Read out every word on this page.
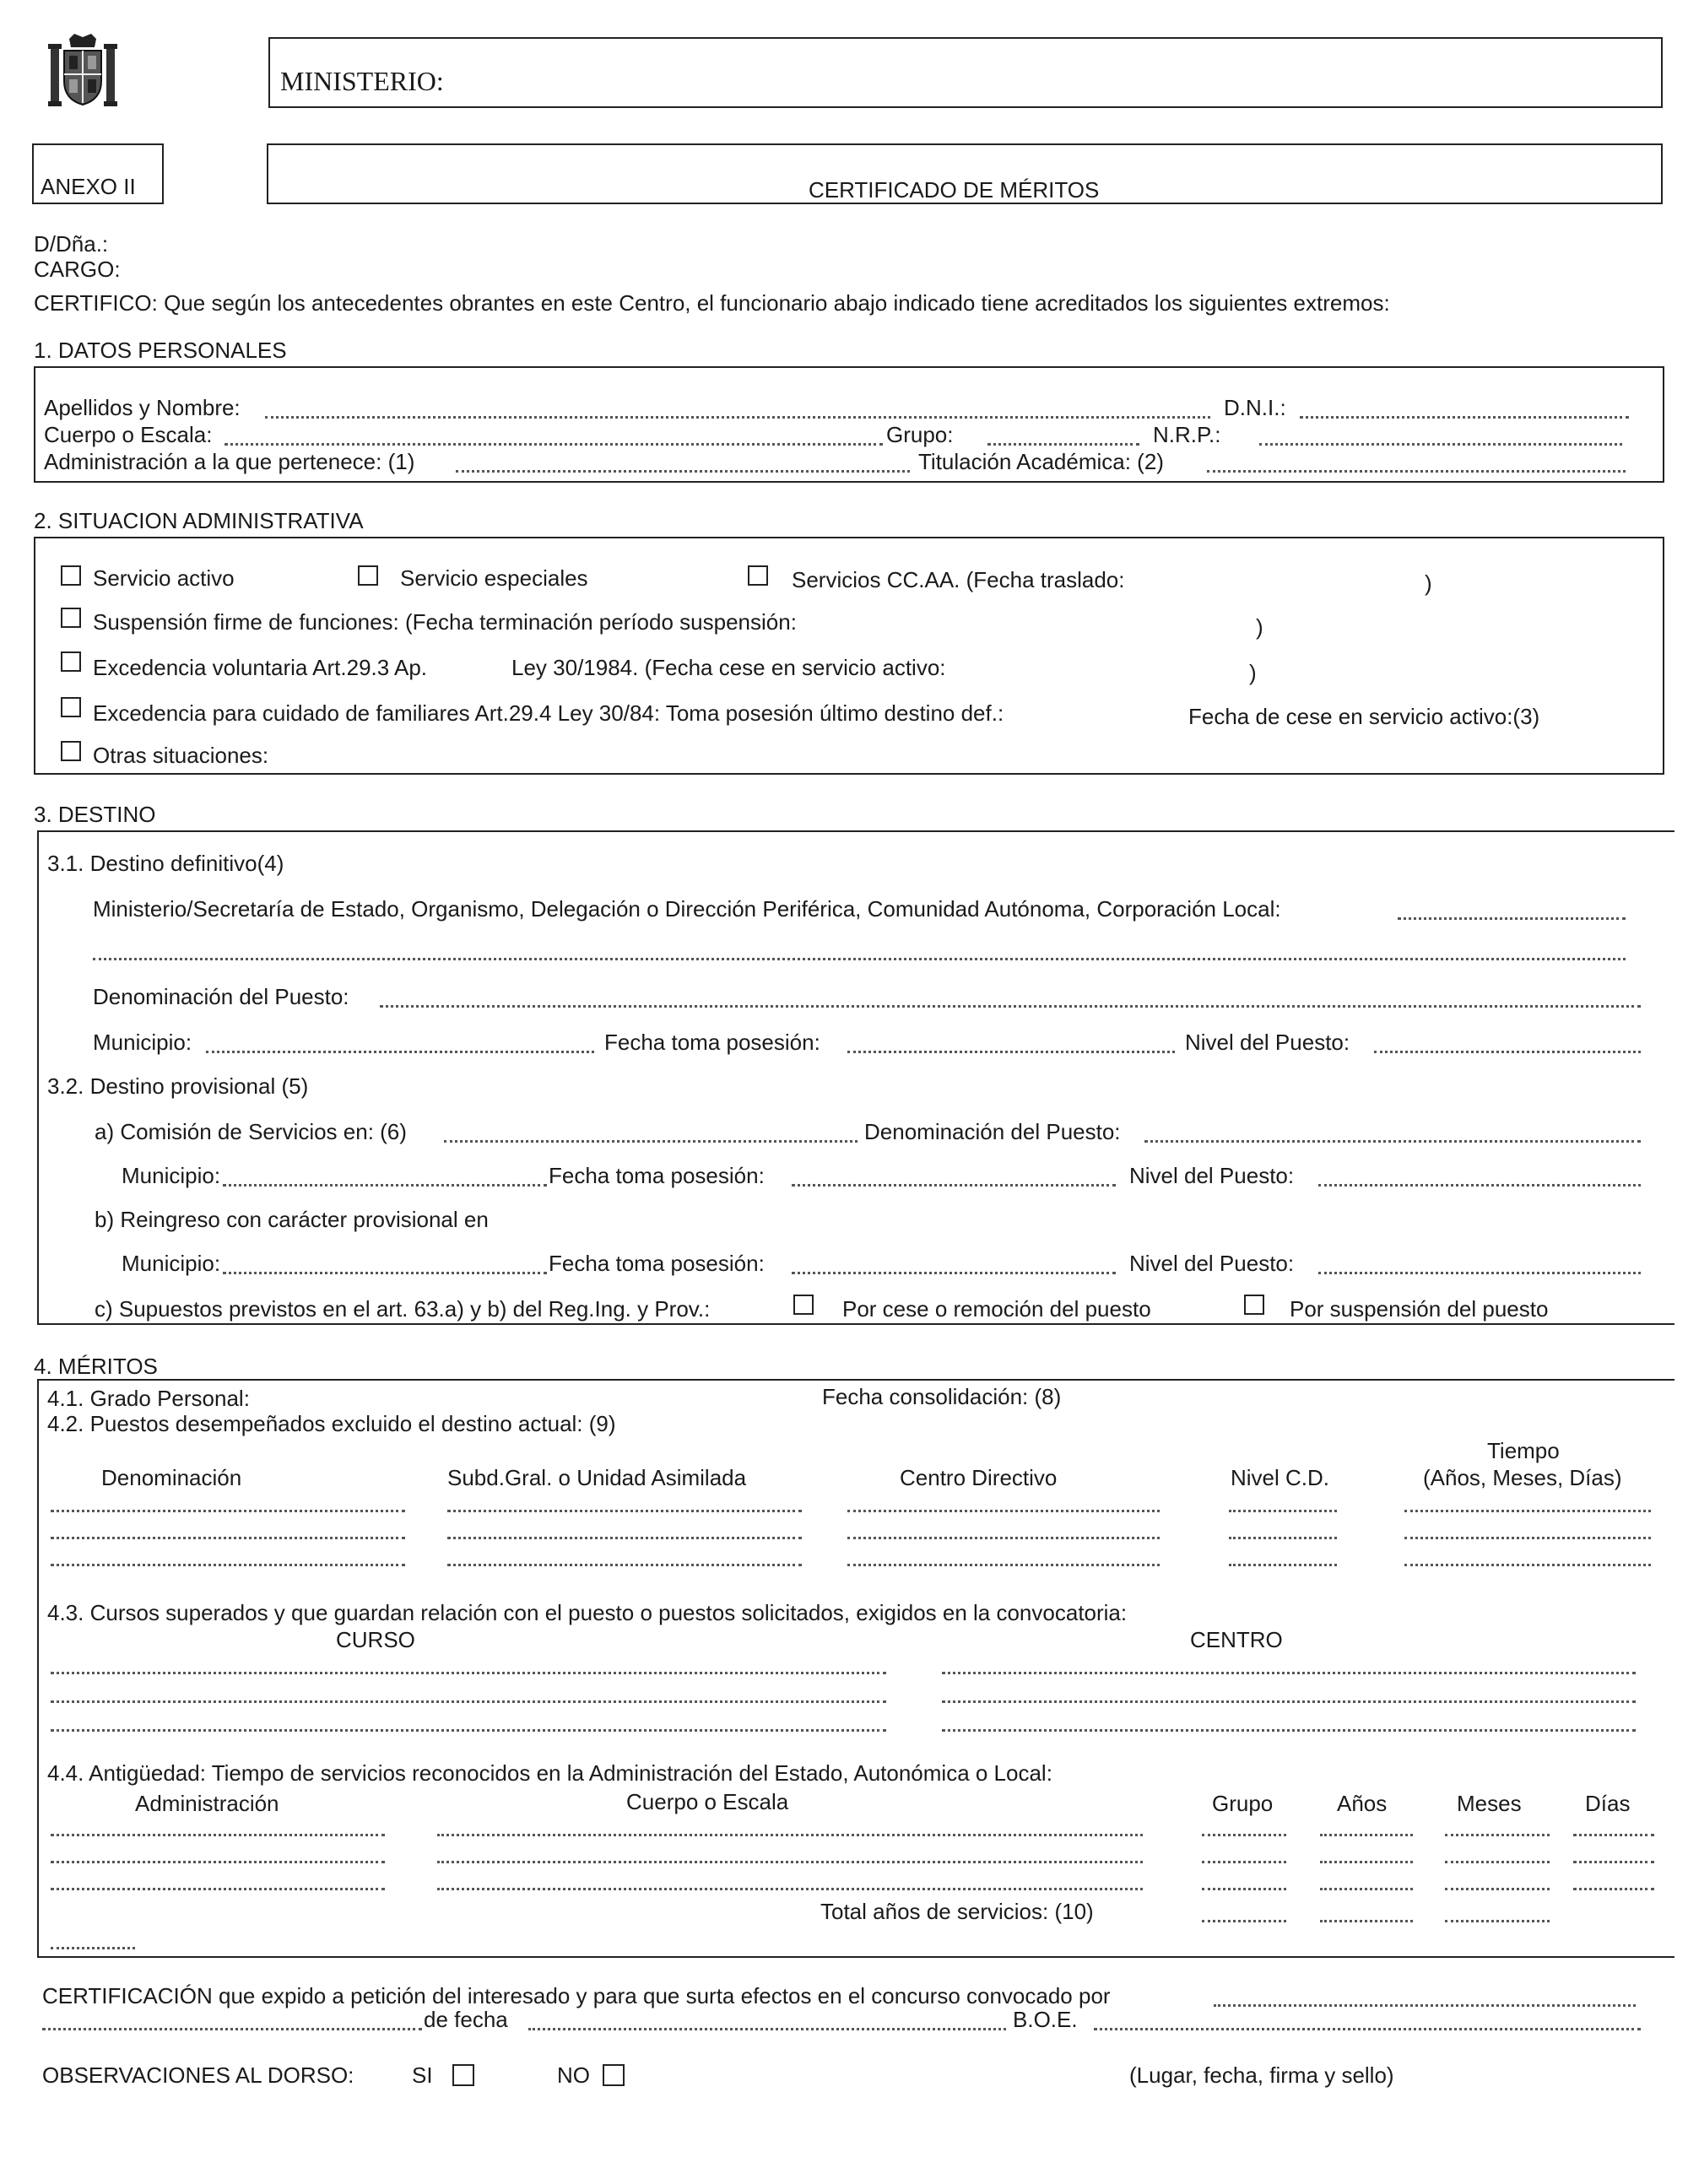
MINISTERIO:
ANEXO II	CERTIFICADO DE MÉRITOS
D/Dña.:
CARGO:
CERTIFICO: Que según los antecedentes obrantes en este Centro, el funcionario abajo indicado tiene acreditados los siguientes extremos:
1. DATOS PERSONALES
Apellidos y Nombre:	D.N.I.:
Cuerpo o Escala:	Grupo:	N.R.P.:
Administración a la que pertenece: (1)	Titulación Académica: (2)
2. SITUACION ADMINISTRATIVA
Servicio activo	Servicio especiales	Servicios CC.AA. (Fecha traslado:	)
Suspensión firme de funciones: (Fecha terminación período suspensión:	)
Excedencia voluntaria Art.29.3 Ap.	Ley 30/1984. (Fecha cese en servicio activo:	)
Excedencia para cuidado de familiares Art.29.4 Ley 30/84: Toma posesión último destino def.:	Fecha de cese en servicio activo:(3)
Otras situaciones:
3. DESTINO
3.1. Destino definitivo(4)
Ministerio/Secretaría de Estado, Organismo, Delegación o Dirección Periférica, Comunidad Autónoma, Corporación Local:
Denominación del Puesto:
Municipio:	Fecha toma posesión:	Nivel del Puesto:
3.2. Destino provisional (5)
a) Comisión de Servicios en: (6)	Denominación del Puesto:
Municipio:	Fecha toma posesión:	Nivel del Puesto:
b) Reingreso con carácter provisional en
Municipio:	Fecha toma posesión:	Nivel del Puesto:
c) Supuestos previstos en el art. 63.a) y b) del Reg.Ing. y Prov.:	Por cese o remoción del puesto	Por suspensión del puesto
4. MÉRITOS
4.1. Grado Personal:	Fecha consolidación: (8)
4.2. Puestos desempeñados excluido el destino actual: (9)
Tiempo
Denominación	Subd.Gral. o Unidad Asimilada	Centro Directivo	Nivel C.D.	(Años, Meses, Días)
4.3. Cursos superados y que guardan relación con el puesto o puestos solicitados, exigidos en la convocatoria:
CURSO	CENTRO
4.4. Antigüedad: Tiempo de servicios reconocidos en la Administración del Estado, Autonómica o Local:
Administración	Cuerpo o Escala	Grupo	Años	Meses	Días
Total años de servicios: (10)
CERTIFICACIÓN que expido a petición del interesado y para que surta efectos en el concurso convocado por
de fecha	B.O.E.
OBSERVACIONES AL DORSO:	SI	NO	(Lugar, fecha, firma y sello)
